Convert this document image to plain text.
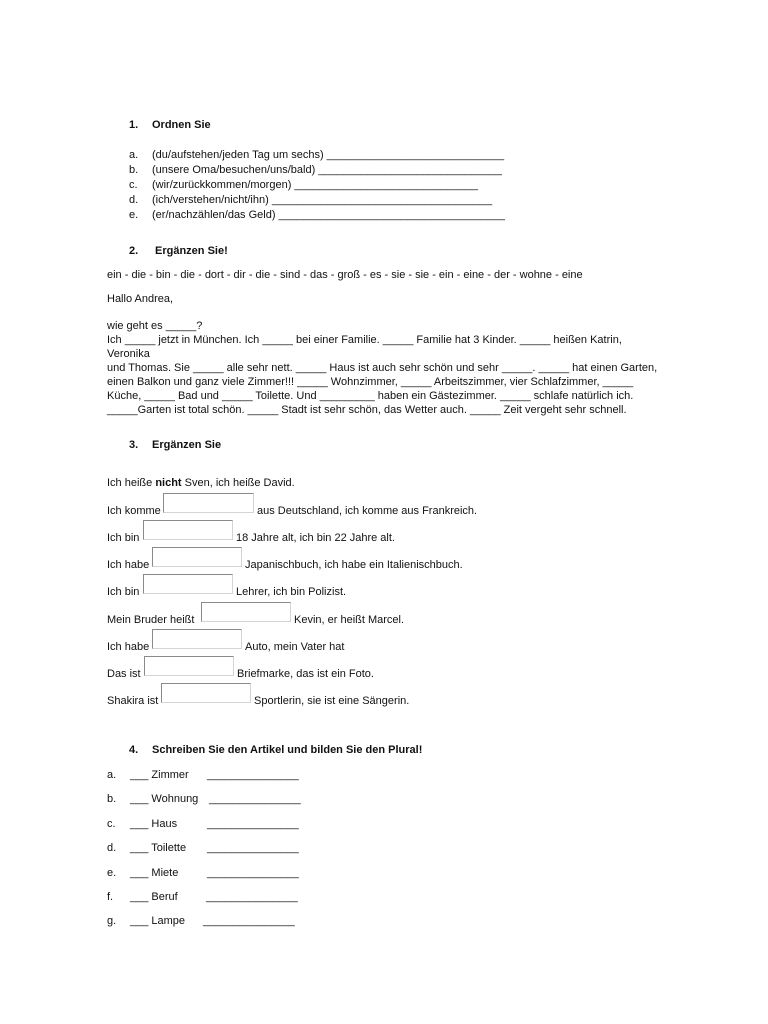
1. Ordnen Sie
a. (du/aufstehen/jeden Tag um sechs) _____________________________
b. (unsere Oma/besuchen/uns/bald) ______________________________
c. (wir/zurückkommen/morgen) ______________________________
d. (ich/verstehen/nicht/ihn) ____________________________________
e. (er/nachzählen/das Geld) _____________________________________
2. Ergänzen Sie!
ein - die - bin - die - dort - dir - die - sind - das - groß - es - sie - sie - ein - eine - der - wohne - eine
Hallo Andrea,
wie geht es _____?
Ich _____ jetzt in München. Ich _____ bei einer Familie. _____ Familie hat 3 Kinder. _____ heißen Katrin, Veronika
und Thomas. Sie _____ alle sehr nett. _____ Haus ist auch sehr schön und sehr _____. _____ hat einen Garten,
einen Balkon und ganz viele Zimmer!!! _____ Wohnzimmer, _____ Arbeitszimmer, vier Schlafzimmer, _____
Küche, _____ Bad und _____ Toilette. Und _________ haben ein Gästezimmer. _____ schlafe natürlich ich.
_____Garten ist total schön. _____ Stadt ist sehr schön, das Wetter auch. _____ Zeit vergeht sehr schnell.
3. Ergänzen Sie
Ich heiße nicht Sven, ich heiße David.
Ich komme	aus Deutschland, ich komme aus Frankreich.
Ich bin	18 Jahre alt, ich bin 22 Jahre alt.
Ich habe	Japanischbuch, ich habe ein Italienischbuch.
Ich bin	Lehrer, ich bin Polizist.
Mein Bruder heißt	Kevin, er heißt Marcel.
Ich habe	Auto, mein Vater hat
Das ist	Briefmarke, das ist ein Foto.
Shakira ist	Sportlerin, sie ist eine Sängerin.
4. Schreiben Sie den Artikel und bilden Sie den Plural!
a. ___ Zimmer _______________
b. ___ Wohnung _______________
c. ___ Haus	_______________
d. ___ Toilette _______________
e. ___ Miete	_______________
f. ___ Beruf	_______________
g. ___ Lampe _______________
